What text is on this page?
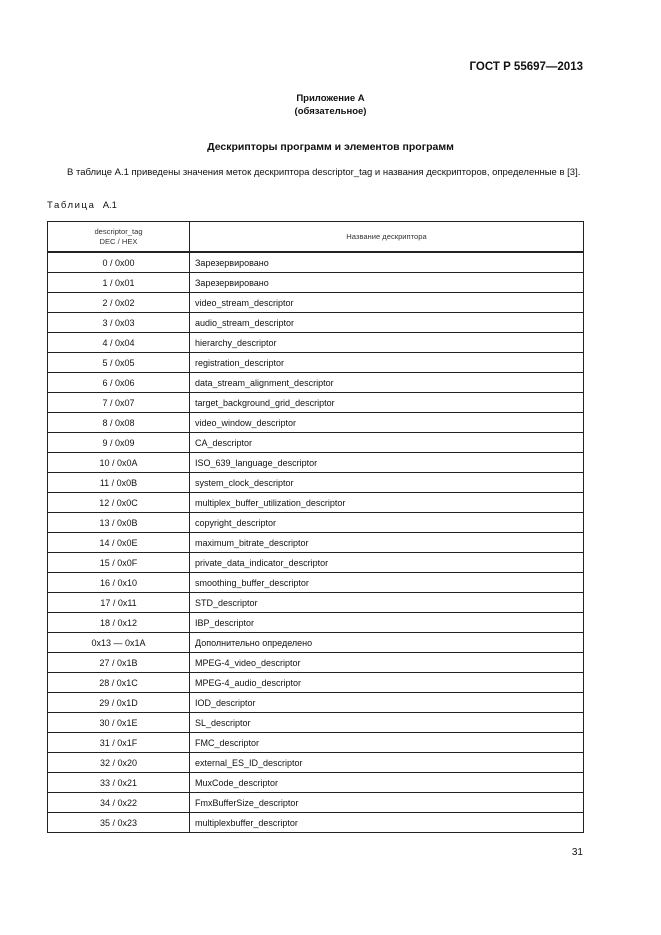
ГОСТ Р 55697—2013
Приложение А
(обязательное)
Дескрипторы программ и элементов программ
В таблице А.1 приведены значения меток дескриптора descriptor_tag и названия дескрипторов, определенные в [3].
Таблица А.1
descriptor_tag
DEC / HEX	Название дескриптора
0 / 0x00	Зарезервировано
1 / 0x01	Зарезервировано
2 / 0x02	video_stream_descriptor
3 / 0x03	audio_stream_descriptor
4 / 0x04	hierarchy_descriptor
5 / 0x05	registration_descriptor
6 / 0x06	data_stream_alignment_descriptor
7 / 0x07	target_background_grid_descriptor
8 / 0x08	video_window_descriptor
9 / 0x09	CA_descriptor
10 / 0x0A	ISO_639_language_descriptor
11 / 0x0B	system_clock_descriptor
12 / 0x0C	multiplex_buffer_utilization_descriptor
13 / 0x0B	copyright_descriptor
14 / 0x0E	maximum_bitrate_descriptor
15 / 0x0F	private_data_indicator_descriptor
16 / 0x10	smoothing_buffer_descriptor
17 / 0x11	STD_descriptor
18 / 0x12	IBP_descriptor
0x13 — 0x1A	Дополнительно определено
27 / 0x1B	MPEG-4_video_descriptor
28 / 0x1C	MPEG-4_audio_descriptor
29 / 0x1D	IOD_descriptor
30 / 0x1E	SL_descriptor
31 / 0x1F	FMC_descriptor
32 / 0x20	external_ES_ID_descriptor
33 / 0x21	MuxCode_descriptor
34 / 0x22	FmxBufferSize_descriptor
35 / 0x23	multiplexbuffer_descriptor
31
